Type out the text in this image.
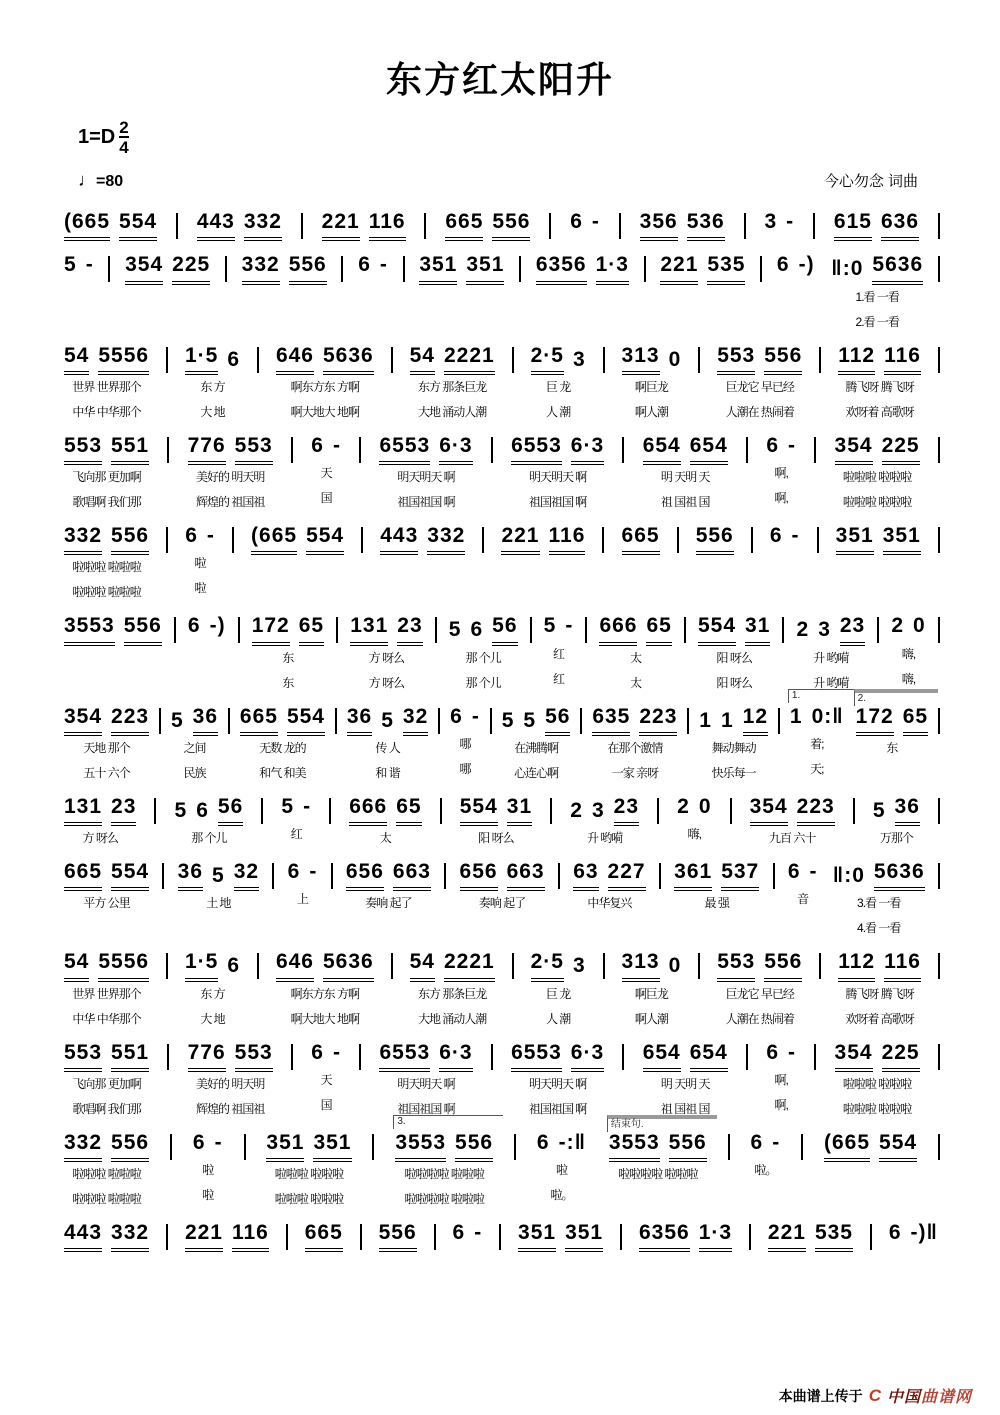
东方红太阳升
$1=D \frac{2}{4}$
♩=80	今心勿念 词曲
(665 554 443 332 221 116 665 556 6 - 356 536 3 - 615 636
5 - 354 225 332 556 6 - 351 351 6356 1·3 221 535 6 -) ‖:0 5636
1.看 一看
2.看 一看
54 5556
世界 世界那个
中华 中华那个
1·5 6
东 方
大 地
646 5636
啊东方东 方啊
啊大地大 地啊
54 2221
东方 那条巨龙
大地 涌动人潮
2·5 3
巨 龙
人 潮
313 0
啊巨龙
啊人潮
553 556
巨龙它 早已经
人潮在 热闹着
112 116
腾飞呀 腾飞呀
欢呀着 高歌呀
553 551
飞向那 更加啊
歌唱啊 我们那
776 553
美好的 明天明
辉煌的 祖国祖
6 -
天
国
6553 6·3
明天明天 啊
祖国祖国 啊
6553 6·3
明天明天 啊
祖国祖国 啊
654 654
明 天明 天
祖 国祖 国
6 -
啊,
啊,
354 225
啦啦啦 啦啦啦
啦啦啦 啦啦啦
332 556
啦啦啦 啦啦啦
啦啦啦 啦啦啦
6 -
啦
啦
(665 554 443 332 221 116 665 556 6 - 351 351
3553 556 6 -) 172 65
东
东
131 23
方 呀么
方 呀么
5 6 56
那 个儿
那 个儿
5 -
红
红
666 65
太
太
554 31
阳 呀么
阳 呀么
2 3 23
升 哟嗬
升 哟嗬
2 0
嗨,
嗨,
354 223
天地 那个
五十 六个
5 36
之间
民族
665 554
无数 龙的
和气 和美
36 5 32
传 人
和 谐
6 -
哪
哪
5 5 56
在沸腾啊
心连心啊
635 223
在那个激情
一家 亲呀
1 1 12
舞动舞动
快乐每一
1.
1 0:‖
着;
天;
2.
172 65
东
131 23
方 呀么
5 6 56
那 个儿
5 -
红
666 65
太
554 31
阳 呀么
2 3 23
升 哟嗬
2 0
嗨,
354 223
九百 六十
5 36
万那个
665 554
平方 公里
36 5 32
土 地
6 -
上
656 663
奏响 起了
656 663
奏响 起了
63 227
中华复兴
361 537
最 强
6 -
音
‖:0 5636
3.看 一看
4.看 一看
54 5556
世界 世界那个
中华 中华那个
1·5 6
东 方
大 地
646 5636
啊东方东 方啊
啊大地大 地啊
54 2221
东方 那条巨龙
大地 涌动人潮
2·5 3
巨 龙
人 潮
313 0
啊巨龙
啊人潮
553 556
巨龙它 早已经
人潮在 热闹着
112 116
腾飞呀 腾飞呀
欢呀着 高歌呀
553 551
飞向那 更加啊
歌唱啊 我们那
776 553
美好的 明天明
辉煌的 祖国祖
6 -
天
国
6553 6·3
明天明天 啊
祖国祖国 啊
6553 6·3
明天明天 啊
祖国祖国 啊
654 654
明 天明 天
祖 国祖 国
6 -
啊,
啊,
354 225
啦啦啦 啦啦啦
啦啦啦 啦啦啦
332 556
啦啦啦 啦啦啦
啦啦啦 啦啦啦
6 -
啦
啦
351 351
啦啦啦 啦啦啦
啦啦啦 啦啦啦
3.
3553 556
啦啦啦啦 啦啦啦
啦啦啦啦 啦啦啦
6 -:‖
啦
啦。
结束句.
3553 556
啦啦啦啦 啦啦啦
6 -
啦。
(665 554
443 332 221 116 665 556 6 - 351 351 6356 1·3 221 535 6 -)‖
本曲谱上传于 C 中国曲谱网
